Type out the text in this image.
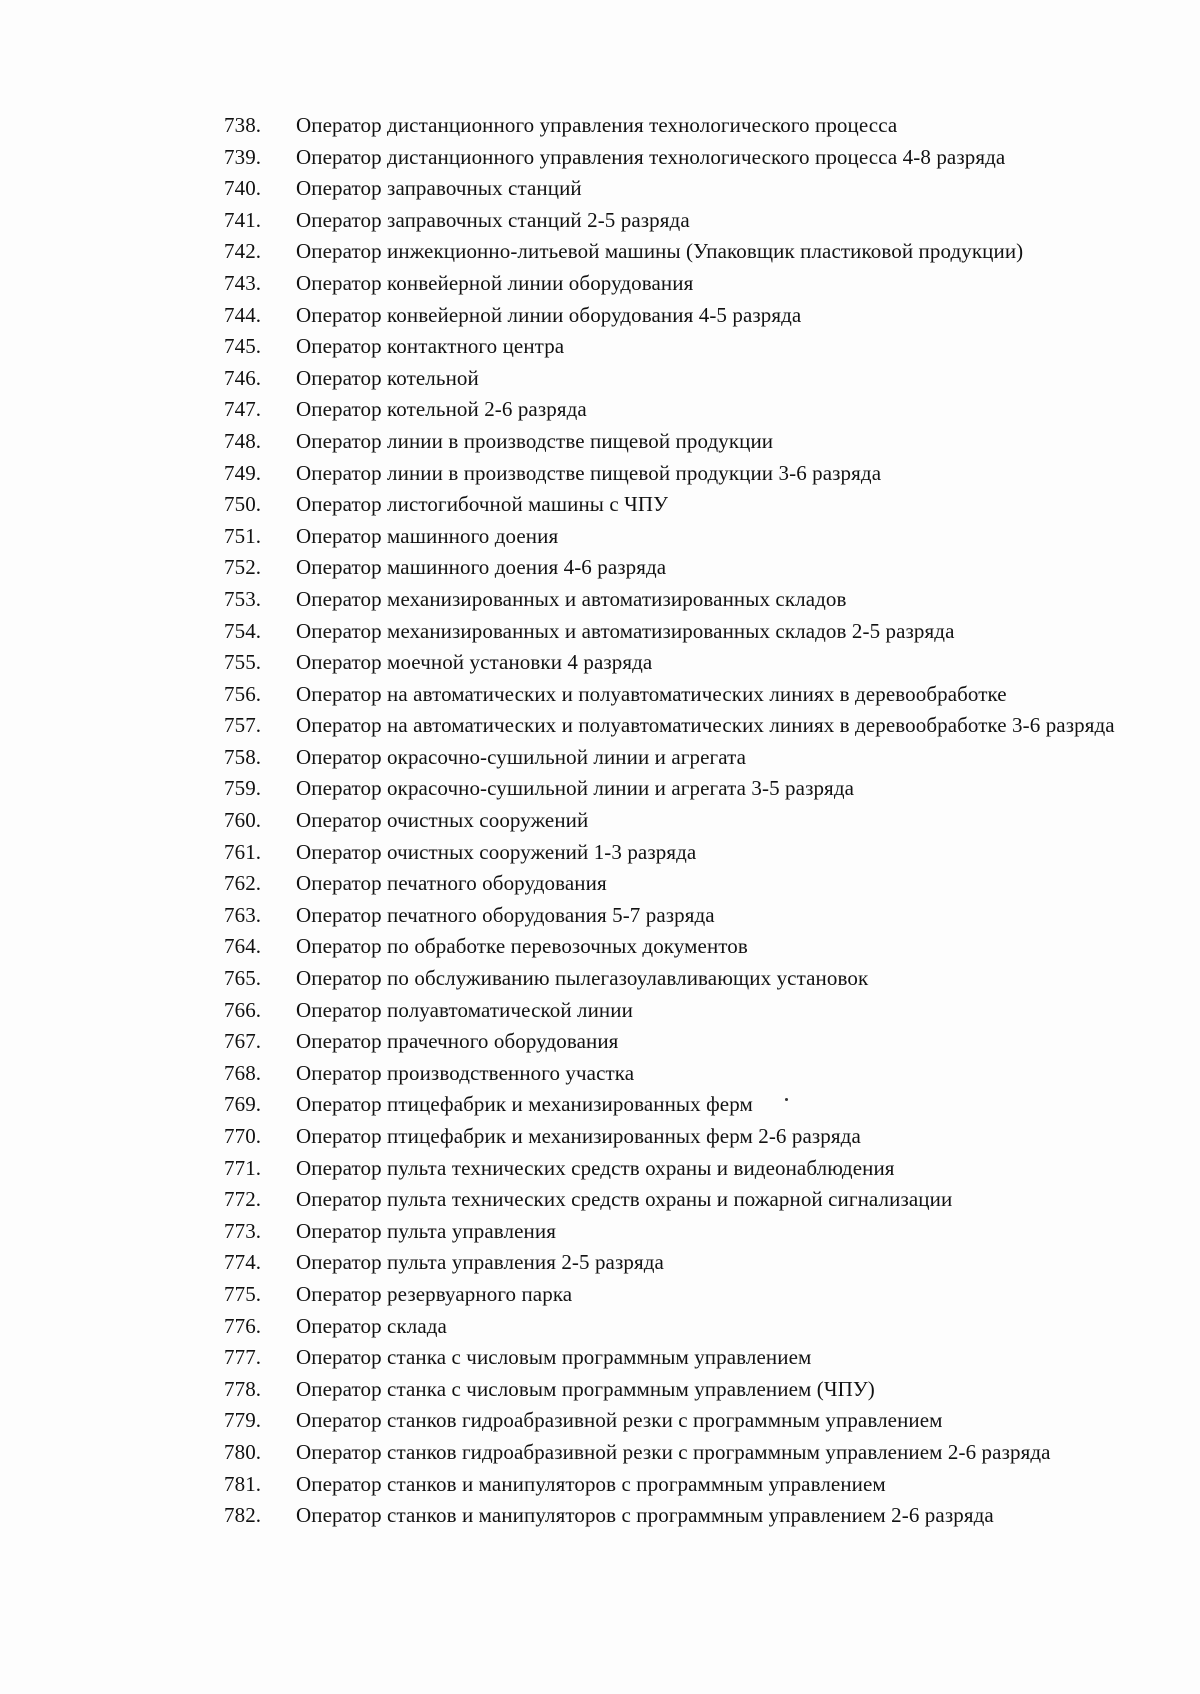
738.	Оператор дистанционного управления технологического процесса
739.	Оператор дистанционного управления технологического процесса 4-8 разряда
740.	Оператор заправочных станций
741.	Оператор заправочных станций 2-5 разряда
742.	Оператор инжекционно-литьевой машины (Упаковщик пластиковой продукции)
743.	Оператор конвейерной линии оборудования
744.	Оператор конвейерной линии оборудования 4-5 разряда
745.	Оператор контактного центра
746.	Оператор котельной
747.	Оператор котельной 2-6 разряда
748.	Оператор линии в производстве пищевой продукции
749.	Оператор линии в производстве пищевой продукции 3-6 разряда
750.	Оператор листогибочной машины с ЧПУ
751.	Оператор машинного доения
752.	Оператор машинного доения 4-6 разряда
753.	Оператор механизированных и автоматизированных складов
754.	Оператор механизированных и автоматизированных складов 2-5 разряда
755.	Оператор моечной установки 4 разряда
756.	Оператор на автоматических и полуавтоматических линиях в деревообработке
757.	Оператор на автоматических и полуавтоматических линиях в деревообработке 3-6 разряда
758.	Оператор окрасочно-сушильной линии и агрегата
759.	Оператор окрасочно-сушильной линии и агрегата 3-5 разряда
760.	Оператор очистных сооружений
761.	Оператор очистных сооружений 1-3 разряда
762.	Оператор печатного оборудования
763.	Оператор печатного оборудования 5-7 разряда
764.	Оператор по обработке перевозочных документов
765.	Оператор по обслуживанию пылегазоулавливающих установок
766.	Оператор полуавтоматической линии
767.	Оператор прачечного оборудования
768.	Оператор производственного участка
769.	Оператор птицефабрик и механизированных ферм
770.	Оператор птицефабрик и механизированных ферм 2-6 разряда
771.	Оператор пульта технических средств охраны и видеонаблюдения
772.	Оператор пульта технических средств охраны и пожарной сигнализации
773.	Оператор пульта управления
774.	Оператор пульта управления 2-5 разряда
775.	Оператор резервуарного парка
776.	Оператор склада
777.	Оператор станка с числовым программным управлением
778.	Оператор станка с числовым программным управлением (ЧПУ)
779.	Оператор станков гидроабразивной резки с программным управлением
780.	Оператор станков гидроабразивной резки с программным управлением 2-6 разряда
781.	Оператор станков и манипуляторов с программным управлением
782.	Оператор станков и манипуляторов с программным управлением 2-6 разряда
